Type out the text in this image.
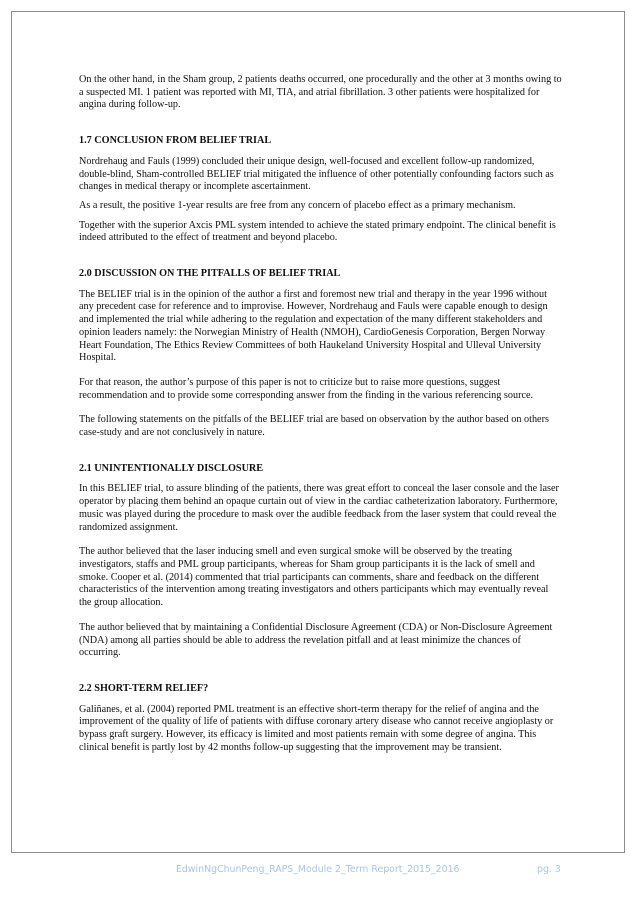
On the other hand, in the Sham group, 2 patients deaths occurred, one procedurally and the other at 3 months owing to a suspected MI. 1 patient was reported with MI, TIA, and atrial fibrillation. 3 other patients were hospitalized for angina during follow-up.

1.7 CONCLUSION FROM BELIEF TRIAL

Nordrehaug and Fauls (1999) concluded their unique design, well-focused and excellent follow-up randomized, double-blind, Sham-controlled BELIEF trial mitigated the influence of other potentially confounding factors such as changes in medical therapy or incomplete ascertainment.

As a result, the positive 1-year results are free from any concern of placebo effect as a primary mechanism.

Together with the superior Axcis PML system intended to achieve the stated primary endpoint. The clinical benefit is indeed attributed to the effect of treatment and beyond placebo.

2.0 DISCUSSION ON THE PITFALLS OF BELIEF TRIAL

The BELIEF trial is in the opinion of the author a first and foremost new trial and therapy in the year 1996 without any precedent case for reference and to improvise. However, Nordrehaug and Fauls were capable enough to design and implemented the trial while adhering to the regulation and expectation of the many different stakeholders and opinion leaders namely: the Norwegian Ministry of Health (NMOH), CardioGenesis Corporation, Bergen Norway Heart Foundation, The Ethics Review Committees of both Haukeland University Hospital and Ulleval University Hospital.

For that reason, the author’s purpose of this paper is not to criticize but to raise more questions, suggest recommendation and to provide some corresponding answer from the finding in the various referencing source.

The following statements on the pitfalls of the BELIEF trial are based on observation by the author based on others case-study and are not conclusively in nature.

2.1 UNINTENTIONALLY DISCLOSURE

In this BELIEF trial, to assure blinding of the patients, there was great effort to conceal the laser console and the laser operator by placing them behind an opaque curtain out of view in the cardiac catheterization laboratory. Furthermore, music was played during the procedure to mask over the audible feedback from the laser system that could reveal the randomized assignment.

The author believed that the laser inducing smell and even surgical smoke will be observed by the treating investigators, staffs and PML group participants, whereas for Sham group participants it is the lack of smell and smoke. Cooper et al. (2014) commented that trial participants can comments, share and feedback on the different characteristics of the intervention among treating investigators and others participants which may eventually reveal the group allocation.

The author believed that by maintaining a Confidential Disclosure Agreement (CDA) or Non-Disclosure Agreement (NDA) among all parties should be able to address the revelation pitfall and at least minimize the chances of occurring.

2.2 SHORT-TERM RELIEF?

Galiñanes, et al. (2004) reported PML treatment is an effective short-term therapy for the relief of angina and the improvement of the quality of life of patients with diffuse coronary artery disease who cannot receive angioplasty or bypass graft surgery. However, its efficacy is limited and most patients remain with some degree of angina. This clinical benefit is partly lost by 42 months follow-up suggesting that the improvement may be transient.

EdwinNgChunPeng_RAPS_Module 2_Term Report_2015_2016	pg. 3
